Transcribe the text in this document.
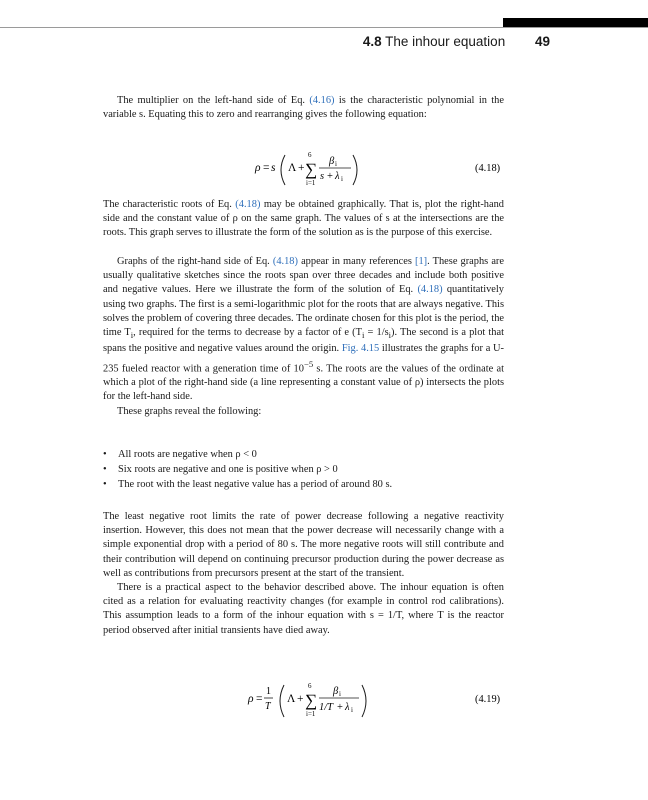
4.8 The inhour equation 49

The multiplier on the left-hand side of Eq. (4.16) is the characteristic polynomial in the variable s. Equating this to zero and rearranging gives the following equation:

ρ = s Λ +
6
∑
i=1
β i
s + λ i
(4.18)

The characteristic roots of Eq. (4.18) may be obtained graphically. That is, plot the right-hand side and the constant value of ρ on the same graph. The values of s at the intersections are the roots. This graph serves to illustrate the form of the solution as is the purpose of this exercise.

Graphs of the right-hand side of Eq. (4.18) appear in many references [1]. These graphs are usually qualitative sketches since the roots span over three decades and include both positive and negative values. Here we illustrate the form of the solution of Eq. (4.18) quantitatively using two graphs. The first is a semi-logarithmic plot for the roots that are always negative. This solves the problem of covering three decades. The ordinate chosen for this plot is the period, the time $T_i$, required for the terms to decrease by a factor of e $(T_i = 1/s_i)$. The second is a plot that spans the positive and negative values around the origin. Fig. 4.15 illustrates the graphs for a U-235 fueled reactor with a generation time of $10^{-5}$ s. The roots are the values of the ordinate at which a plot of the right-hand side (a line representing a constant value of ρ) intersects the plots for the left-hand side.

These graphs reveal the following:

• All roots are negative when ρ < 0
• Six roots are negative and one is positive when ρ > 0
• The root with the least negative value has a period of around 80 s.

The least negative root limits the rate of power decrease following a negative reactivity insertion. However, this does not mean that the power decrease will necessarily change with a simple exponential drop with a period of 80 s. The more negative roots will still contribute and their contribution will depend on continuing precursor production during the power decrease as well as contributions from precursors present at the start of the transient.

There is a practical aspect to the behavior described above. The inhour equation is often cited as a relation for evaluating reactivity changes (for example in control rod calibrations). This assumption leads to a form of the inhour equation with s = 1/T, where T is the reactor period observed after initial transients have died away.

ρ =
1
T
Λ +
6
∑
i=1
β i
1/T + λ i
(4.19)
